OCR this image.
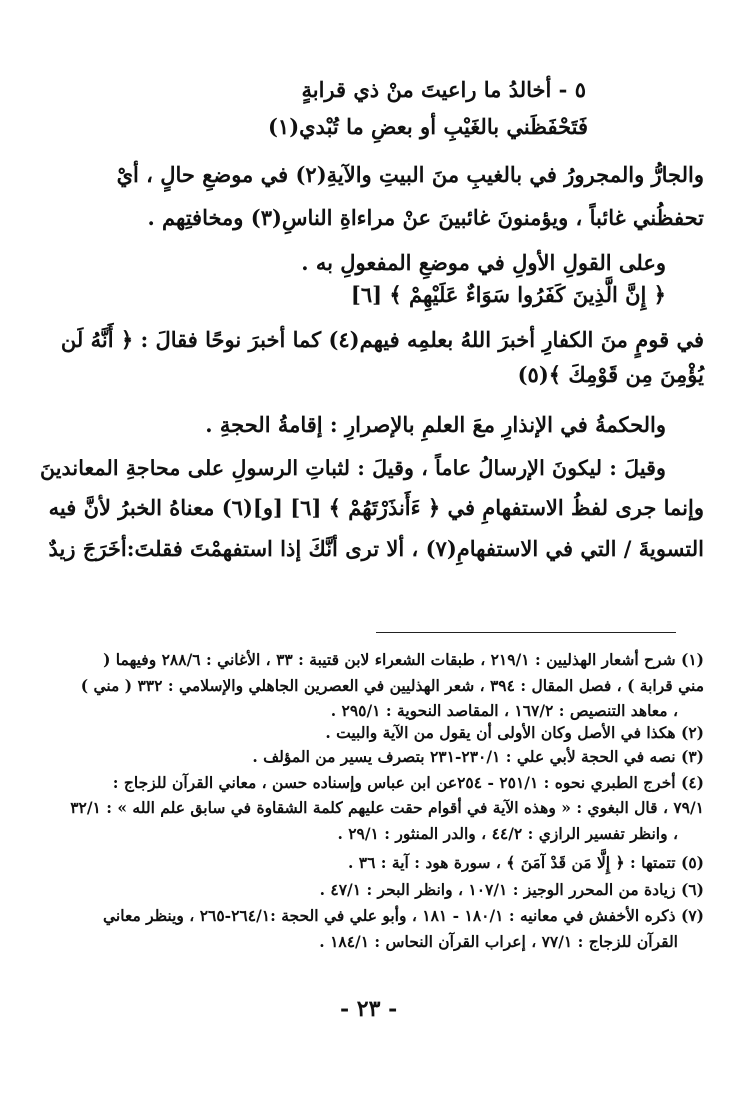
٥ - أخالدُ ما راعيتَ منْ ذي قرابةٍ
فَتَحْفَظَني بالغَيْبِ أو بعضِ ما تُبْدي(١)
والجارُّ والمجرورُ في بالغيبِ منَ البيتِ والآيةِ(٢) في موضعِ حالٍ ، أيْ
تحفظُني غائباً ، ويؤمنونَ غائبينَ عنْ مراءاةِ الناسِ(٣) ومخافتِهم .
وعلى القولِ الأولِ في موضعِ المفعولِ به .
﴿ إِنَّ الَّذِينَ كَفَرُوا سَوَاءٌ عَلَيْهِمْ ﴾ [٦]
في قومٍ منَ الكفارِ أخبرَ اللهُ بعلمِه فيهم(٤) كما أخبرَ نوحًا فقالَ : ﴿ أَنَّهُ لَن
يُؤْمِنَ مِن قَوْمِكَ ﴾(٥)
والحكمةُ في الإنذارِ معَ العلمِ بالإصرارِ : إقامةُ الحجةِ .
وقيلَ : ليكونَ الإرسالُ عاماً ، وقيلَ : لثباتِ الرسولِ على محاجةِ المعاندينَ
وإنما جرى لفظُ الاستفهامِ في ﴿ ءَأَنذَرْتَهُمْ ﴾ [٦] [و](٦) معناهُ الخبرُ لأنَّ فيه
التسويةَ / التي في الاستفهامِ(٧) ، ألا ترى أنَّكَ إذا استفهمْتَ فقلتَ:أخَرَجَ زيدٌ
(١) شرح أشعار الهذليين : ٢١٩/١ ، طبقات الشعراء لابن قتيبة : ٣٣ ، الأغاني : ٢٨٨/٦ وفيهما (
مني قرابة ) ، فصل المقال : ٣٩٤ ، شعر الهذليين في العصرين الجاهلي والإسلامي : ٣٣٢ ( مني )
، معاهد التنصيص : ١٦٧/٢ ، المقاصد النحوية : ٢٩٥/١ .
(٢) هكذا في الأصل وكان الأولى أن يقول من الآية والبيت .
(٣) نصه في الحجة لأبي علي : ٢٣٠/١-٢٣١ بتصرف يسير من المؤلف .
(٤) أخرج الطبري نحوه : ٢٥١/١ - ٢٥٤عن ابن عباس وإسناده حسن ، معاني القرآن للزجاج :
٧٩/١ ، قال البغوي : « وهذه الآية في أقوام حقت عليهم كلمة الشقاوة في سابق علم الله » : ٣٢/١
، وانظر تفسير الرازي : ٤٤/٢ ، والدر المنثور : ٢٩/١ .
(٥) تتمتها : ﴿ إِلَّا مَن قَدْ آمَنَ ﴾ ، سورة هود : آية : ٣٦ .
(٦) زيادة من المحرر الوجيز : ١٠٧/١ ، وانظر البحر : ٤٧/١ .
(٧) ذكره الأخفش في معانيه : ١٨٠/١ - ١٨١ ، وأبو علي في الحجة :٢٦٤/١-٢٦٥ ، وينظر معاني
القرآن للزجاج : ٧٧/١ ، إعراب القرآن النحاس : ١٨٤/١ .
- ٢٣ -
